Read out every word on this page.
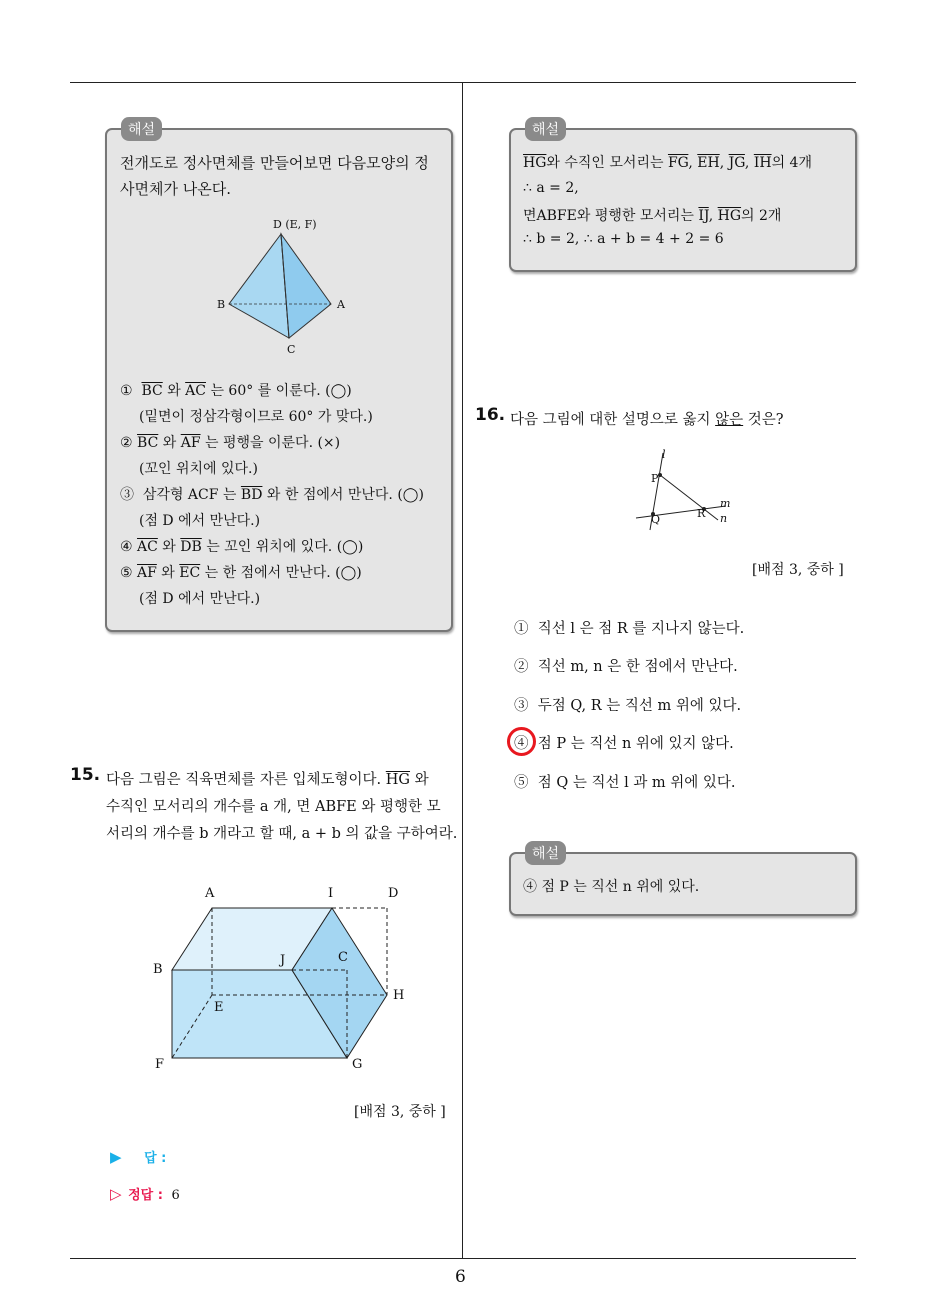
6
해설
전개도로 정사면체를 만들어보면 다음모양의 정
사면체가 나온다.
D (E, F)
B	A
C
① $\overline{BC}$ 와 $\overline{AC}$ 는 60° 를 이룬다. (◯)
(밑면이 정삼각형이므로 60° 가 맞다.)
② $\overline{BC}$ 와 $\overline{AF}$ 는 평행을 이룬다. (×)
(꼬인 위치에 있다.)
③ 삼각형 ACF 는 $\overline{BD}$ 와 한 점에서 만난다. (◯)
(점 D 에서 만난다.)
④ $\overline{AC}$ 와 $\overline{DB}$ 는 꼬인 위치에 있다. (◯)
⑤ $\overline{AF}$ 와 $\overline{EC}$ 는 한 점에서 만난다. (◯)
(점 D 에서 만난다.)
15. 다음 그림은 직육면체를 자른 입체도형이다. $\overline{HG}$ 와
수직인 모서리의 개수를 a 개, 면 ABFE 와 평행한 모
서리의 개수를 b 개라고 할 때, a + b 의 값을 구하여라.
A	I	D
B
J	C
H
E
F	G
[배점 3, 중하 ]
▶ 답 :
▷ 정답 : 6
해설
$\overline{HG}$와 수직인 모서리는 $\overline{FG}$, $\overline{EH}$, $\overline{JG}$, $\overline{IH}$의 4개
∴ a = 2,
면ABFE와 평행한 모서리는 $\overline{IJ}$, $\overline{HG}$의 2개
∴ b = 2, ∴ a + b = 4 + 2 = 6
16. 다음 그림에 대한 설명으로 옳지 않은 것은?
l
P
m
Q	R n
[배점 3, 중하 ]
① 직선 l 은 점 R 를 지나지 않는다.
② 직선 m, n 은 한 점에서 만난다.
③ 두점 Q, R 는 직선 m 위에 있다.
④ 점 P 는 직선 n 위에 있지 않다.
⑤ 점 Q 는 직선 l 과 m 위에 있다.
해설
④ 점 P 는 직선 n 위에 있다.
